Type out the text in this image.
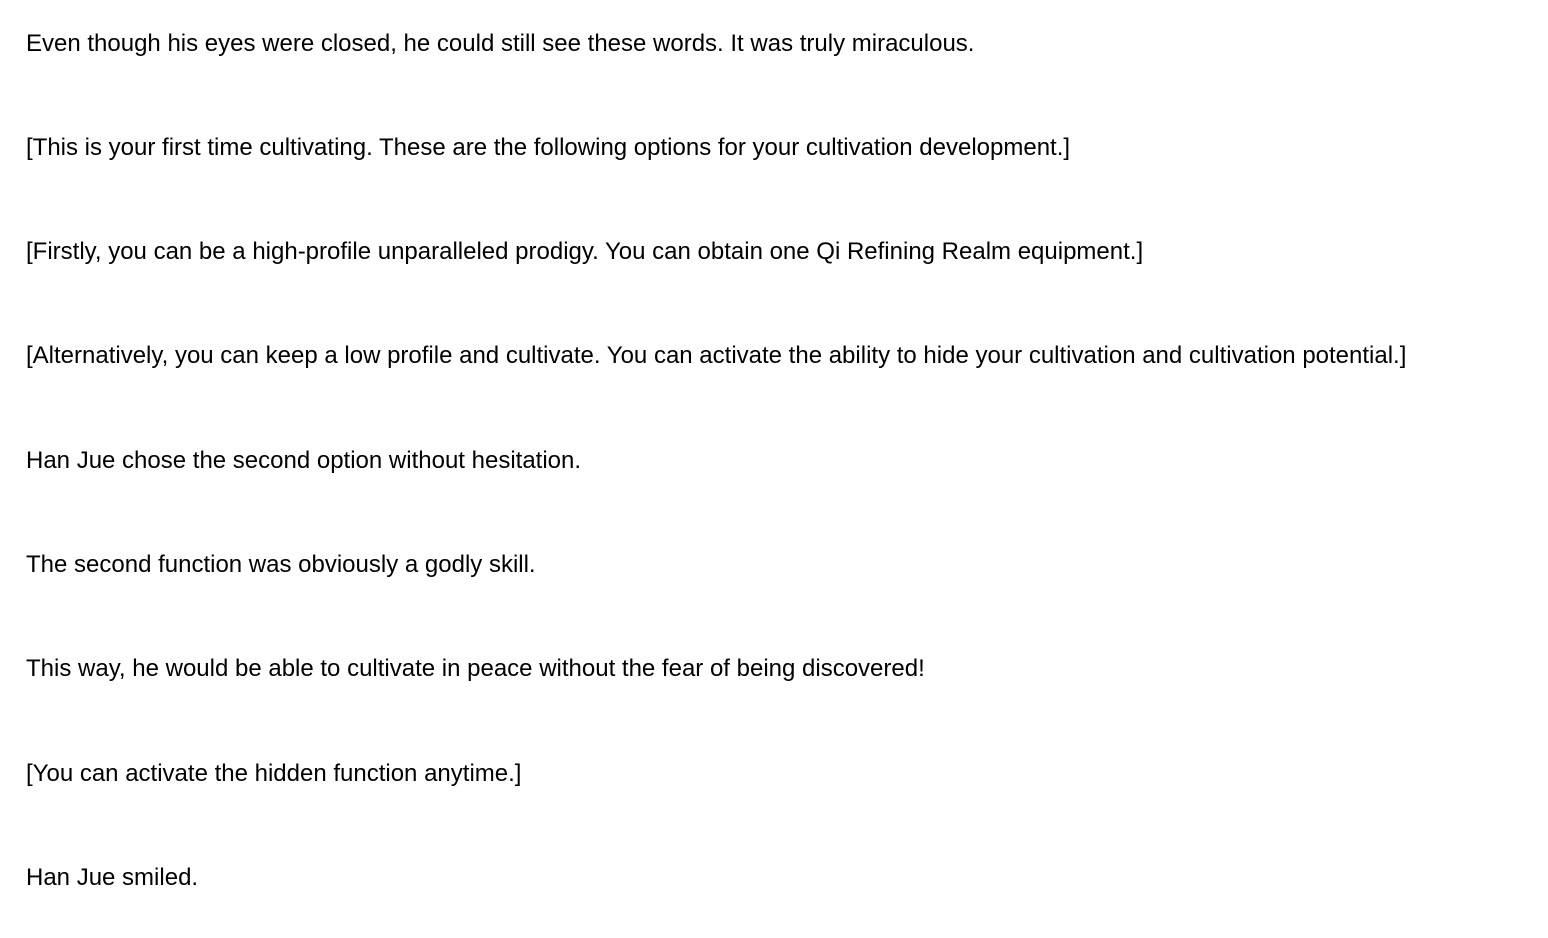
Even though his eyes were closed, he could still see these words. It was truly miraculous.

[This is your first time cultivating. These are the following options for your cultivation development.]

[Firstly, you can be a high-profile unparalleled prodigy. You can obtain one Qi Refining Realm equipment.]

[Alternatively, you can keep a low profile and cultivate. You can activate the ability to hide your cultivation and cultivation potential.]

Han Jue chose the second option without hesitation.

The second function was obviously a godly skill.

This way, he would be able to cultivate in peace without the fear of being discovered!

[You can activate the hidden function anytime.]

Han Jue smiled.
